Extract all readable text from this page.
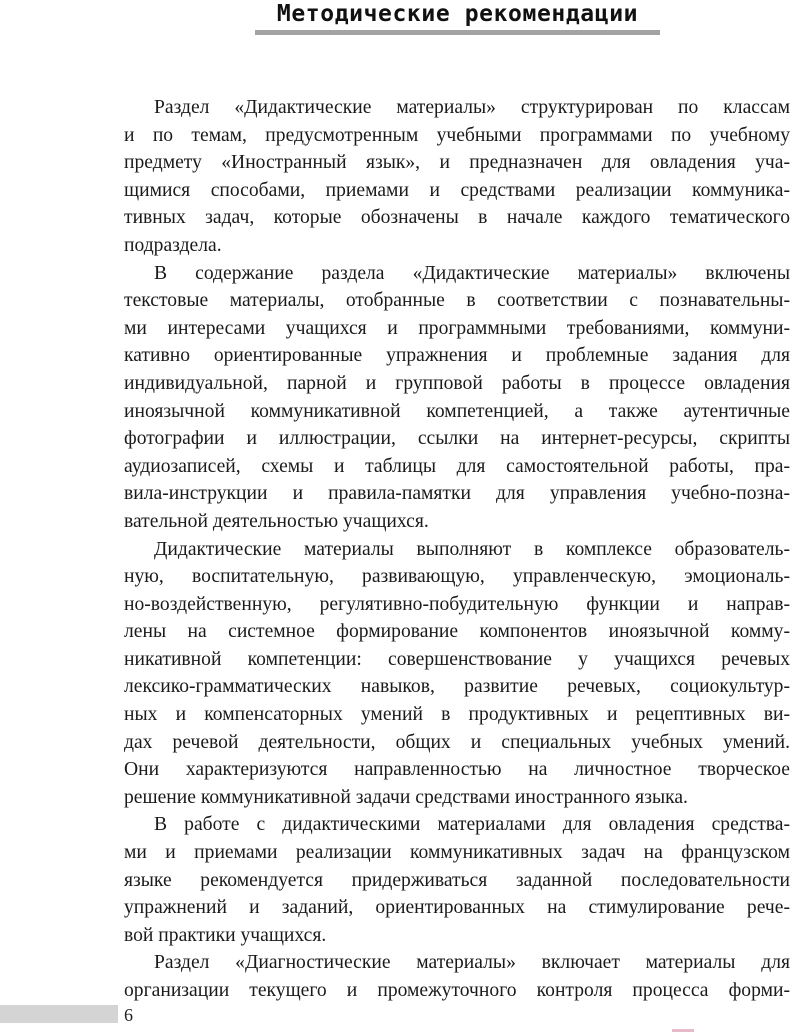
Методические рекомендации
Раздел «Дидактические материалы» структурирован по классам
и по темам, предусмотренным учебными программами по учебному
предмету «Иностранный язык», и предназначен для овладения уча-
щимися способами, приемами и средствами реализации коммуника-
тивных задач, которые обозначены в начале каждого тематического
подраздела.
В содержание раздела «Дидактические материалы» включены
текстовые материалы, отобранные в соответствии с познавательны-
ми интересами учащихся и программными требованиями, коммуни-
кативно ориентированные упражнения и проблемные задания для
индивидуальной, парной и групповой работы в процессе овладения
иноязычной коммуникативной компетенцией, а также аутентичные
фотографии и иллюстрации, ссылки на интернет-ресурсы, скрипты
аудиозаписей, схемы и таблицы для самостоятельной работы, пра-
вила-инструкции и правила-памятки для управления учебно-позна-
вательной деятельностью учащихся.
Дидактические материалы выполняют в комплексе образователь-
ную, воспитательную, развивающую, управленческую, эмоциональ-
но-воздейственную, регулятивно-побудительную функции и направ-
лены на системное формирование компонентов иноязычной комму-
никативной компетенции: совершенствование у учащихся речевых
лексико-грамматических навыков, развитие речевых, социокультур-
ных и компенсаторных умений в продуктивных и рецептивных ви-
дах речевой деятельности, общих и специальных учебных умений.
Они характеризуются направленностью на личностное творческое
решение коммуникативной задачи средствами иностранного языка.
В работе с дидактическими материалами для овладения средства-
ми и приемами реализации коммуникативных задач на французском
языке рекомендуется придерживаться заданной последовательности
упражнений и заданий, ориентированных на стимулирование рече-
вой практики учащихся.
Раздел «Диагностические материалы» включает материалы для
организации текущего и промежуточного контроля процесса форми-
6
